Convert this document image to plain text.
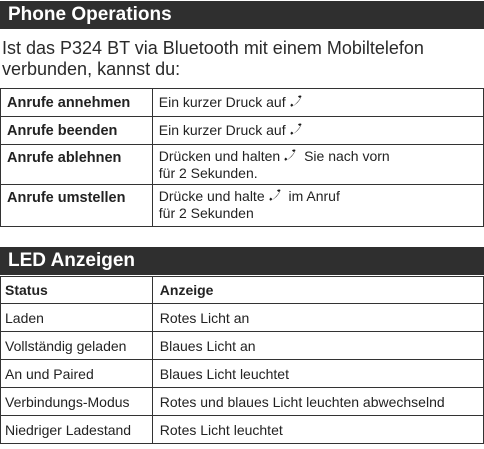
Phone Operations
Ist das P324 BT via Bluetooth mit einem Mobiltelefon
verbunden, kannst du:
Anrufe annehmen	Ein kurzer Druck auf

Anrufe beenden	Ein kurzer Druck auf

Anrufe ablehnen	Drücken und halten Sie nach vorn
für 2 Sekunden.
Anrufe umstellen	Drücke und halte im Anruf
für 2 Sekunden
LED Anzeigen
Status	Anzeige
Laden	Rotes Licht an
Vollständig geladen	Blaues Licht an
An und Paired	Blaues Licht leuchtet
Verbindungs-Modus	Rotes und blaues Licht leuchten abwechselnd
Niedriger Ladestand	Rotes Licht leuchtet
